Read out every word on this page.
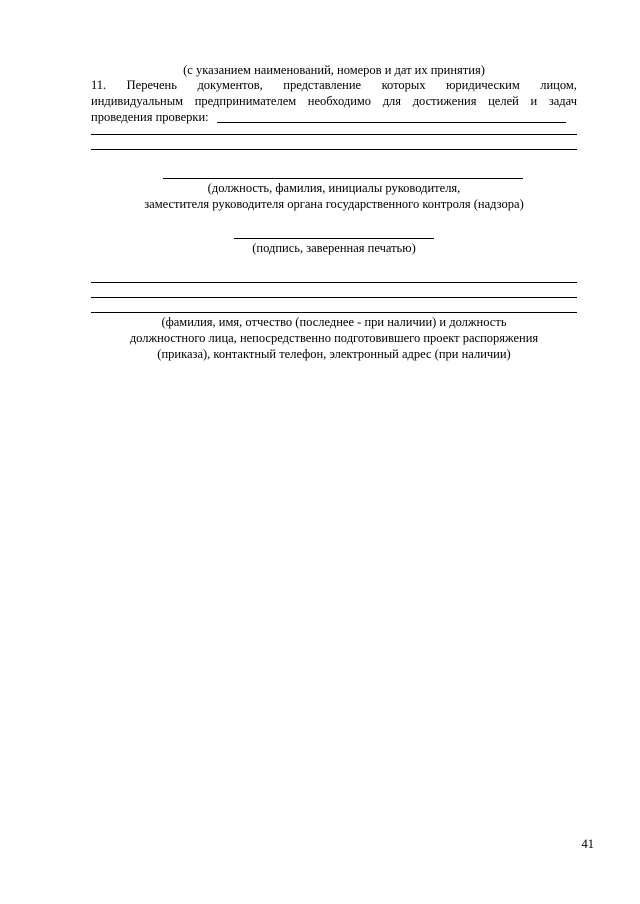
(с указанием наименований, номеров и дат их принятия)
11. Перечень документов, представление которых юридическим лицом,
индивидуальным предпринимателем необходимо для достижения целей и задач
проведения проверки:
(должность, фамилия, инициалы руководителя,
заместителя руководителя органа государственного контроля (надзора)
(подпись, заверенная печатью)
(фамилия, имя, отчество (последнее - при наличии) и должность
должностного лица, непосредственно подготовившего проект распоряжения
(приказа), контактный телефон, электронный адрес (при наличии)
41
